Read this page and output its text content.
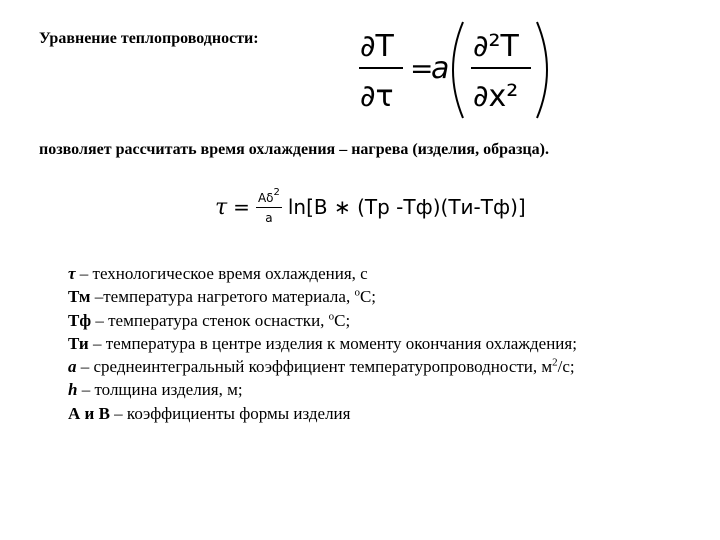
Уравнение теплопроводности:	∂T
∂τ
=
a
∂²T
∂x²
позволяет рассчитать время охлаждения – нагрева (изделия, образца).
$\tau = \frac{A\delta^2}{a} \ln[B$ ∗ (Тр -Тф)(Ти-Тф)]
τ – технологическое время охлаждения, с
Тм –температура нагретого материала, $^о$С;
Тф – температура стенок оснастки, $^о$С;
Ти – температура в центре изделия к моменту окончания охлаждения;
a – среднеинтегральный коэффициент температуропроводности, $м^2/с$;
h – толщина изделия, м;
А и В – коэффициенты формы изделия
